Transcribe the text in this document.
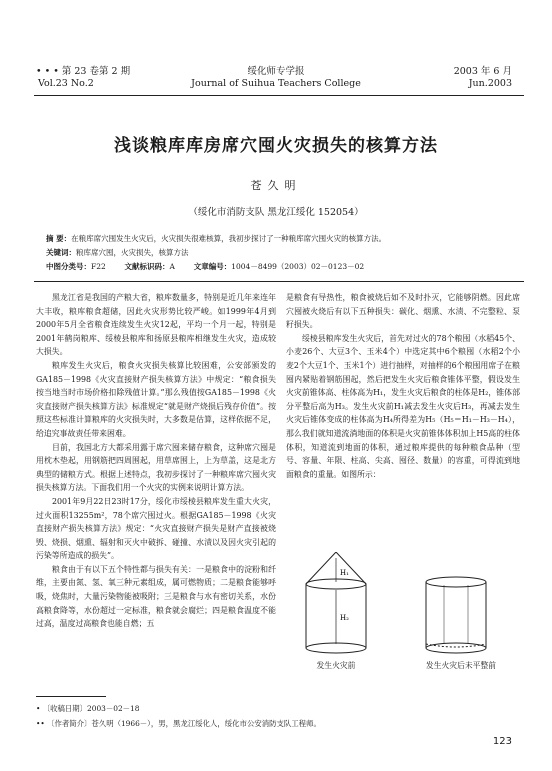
• • • 第 23 卷第 2 期
Vol.23 No.2
绥化师专学报
Journal of Suihua Teachers College
2003 年 6 月
Jun.2003
浅谈粮库库房席穴囤火灾损失的核算方法
苍久明
（绥化市消防支队 黑龙江绥化 152054）
摘 要：在粮库席穴囤发生火灾后，火灾损失很难核算，我初步探讨了一种粮库席穴囤火灾的核算方法。
关键词：粮库席穴囤，火灾损失，核算方法
中图分类号：F22	文献标识码：A	文章编号：1004－8499（2003）02－0123－02

黑龙江省是我国的产粮大省，粮库数量多，特别是近几年来连年大丰收，粮库粮食超储，因此火灾形势比较严峻。如1999年4月到2000年5月全省粮食连续发生火灾12起，平均一个月一起，特别是2001年鹤岗粮库、绥棱县粮库和扬原县粮库相继发生火灾，造成较大损失。

粮库发生火灾后，粮食火灾损失核算比较困难，公安部颁发的GA185－1998《火灾直接财产损失核算方法》中规定：“粮食损失按当地当时市场价格扣除残值计算。”那么残值按GA185－1998《火灾直接财产损失核算方法》标准规定“就是财产烧损后残存价值”。按照这些标准计算粮库的火灾损失时，大多数是估算，这样依据不足，给追究事故责任带来困难。

目前，我国北方大都采用露于席穴囤来储存粮食，这种席穴囤是用枕木垫起，用钢筋把四周围起，用草席围上，上为草盖，这是北方典型的储粮方式。根据上述特点，我初步探讨了一种粮库席穴囤火灾损失核算方法。下面我们用一个火灾的实例来说明计算方法。

2001年9月22日23时17分，绥化市绥棱县粮库发生重大火灾，过火面积13255m²，78个席穴囤过火。根据GA185－1998《火灾直接财产损失核算方法》规定：“火灾直接财产损失是财产直接被烧毁、烧损、烟熏、辐射和灭火中破拆、碰撞、水渍以及因火灾引起的污染等所造成的损失”。

粮食由于有以下五个特性都与损失有关：一是粮食中的淀粉和纤维，主要由氮、氢、氧三种元素组成，属可燃物质；二是粮食能够呼吸，烧焦时，大量污染物能被吸附；三是粮食与水有密切关系，水份高粮食降等，水份超过一定标准，粮食就会腐烂；四是粮食温度不能过高，温度过高粮食也能自燃；五

是粮食有导热性，粮食被烧后如不及时扑灭，它能够阴燃。因此席穴囤被火烧后有以下五种损失：碳化、烟熏、水渍、不完整粒、泵籽损失。

绥棱县粮库发生火灾后，首先对过火的78个粮囤（水稻45个、小麦26个、大豆3个、玉米4个）中选定其中6个粮囤（水稻2个小麦2个大豆1个、玉米1个）进行抽样，对抽样的6个粮囤用席子在粮囤内紧贴着钢筋围起，然后把发生火灾后粮食锥体平整，假设发生火灾前锥体高、柱体高为H₁，发生火灾后粮食的柱体是H₂，锥体部分平整后高为H₃。发生火灾前H₁减去发生火灾后H₃，再减去发生火灾后锥体变成的柱体高为H₄所得差为H₅（H₅＝H₁－H₃－H₄），那么我们就知道流淌地面的体积是火灾前锥体体积加上H5高的柱体体积，知道流到地面的体积，通过粮库提供的每种粮食品种（型号、容量、年限、柱高、尖高、囤径、数量）的容重，可得流到地面粮食的重量。如图所示：

H₁
H₂
发生火灾前	发生火灾后未平整前
• 〔收稿日期〕2003－02－18
•• 〔作者简介〕苍久明（1966－），男，黑龙江绥化人，绥化市公安消防支队工程师。
123
